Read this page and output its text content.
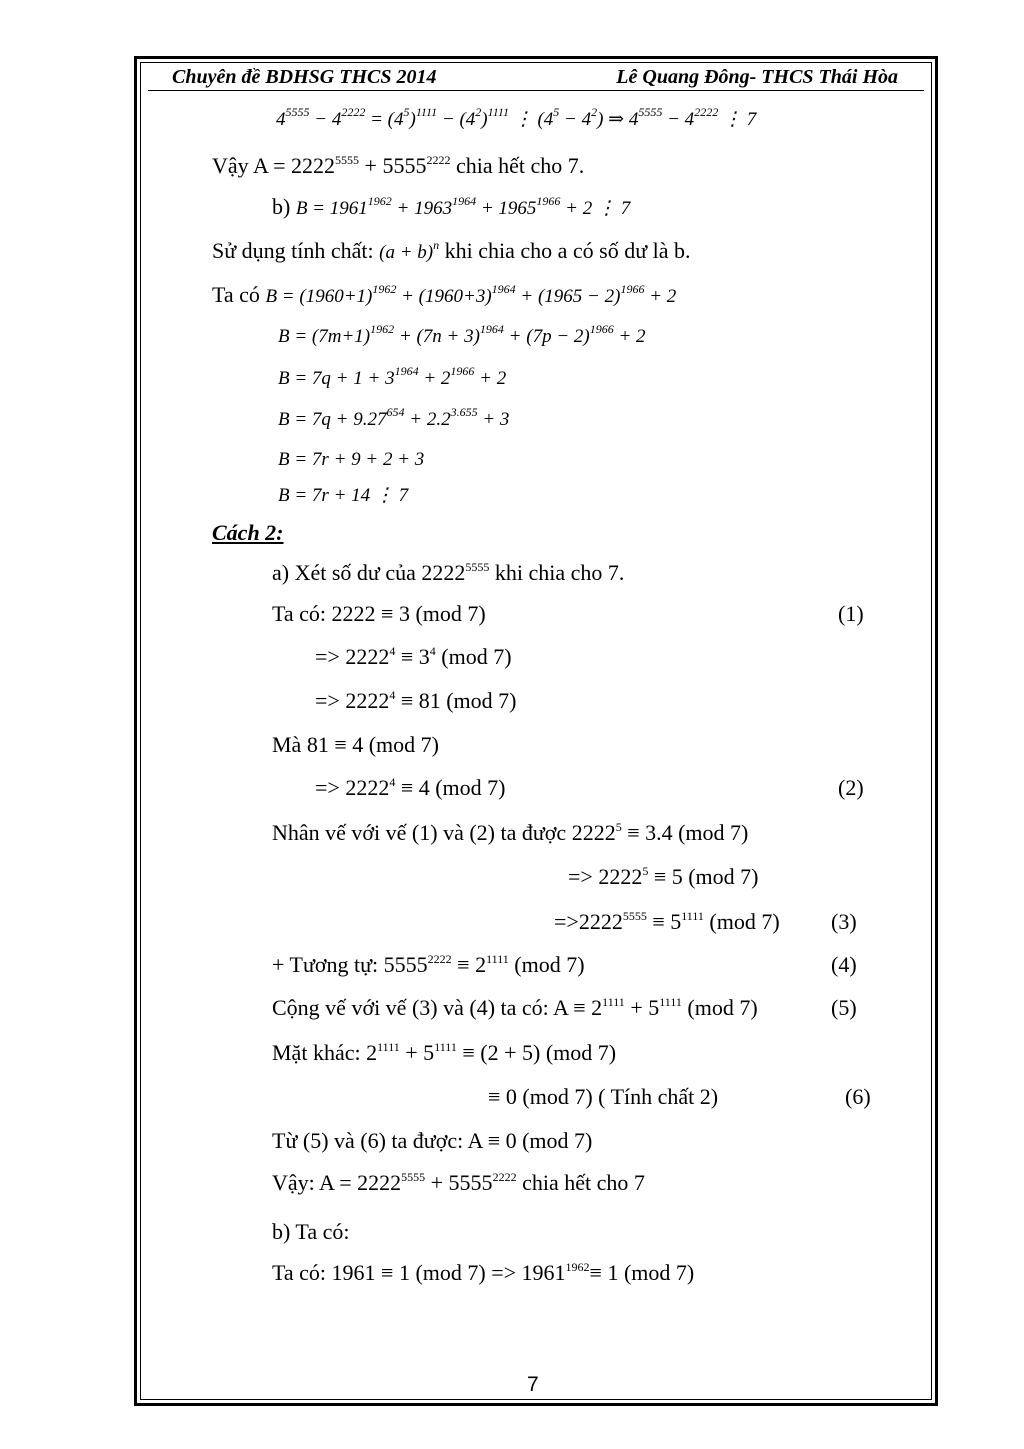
Chuyên đề BDHSG THCS 2014	Lê Quang Đông- THCS Thái Hòa
$4^{5555} - 4^{2222} = (4^5)^{1111} - (4^2)^{1111}$ ⋮ $(4^5 - 4^2)$ ⇒ $4^{5555} - 4^{2222}$ ⋮ 7
Vậy $A = 2222^{5555} + 5555^{2222}$ chia hết cho 7.
b) $B = 1961^{1962} + 1963^{1964} + 1965^{1966} + 2$ ⋮ 7
Sử dụng tính chất: $(a + b)^n$ khi chia cho a có số dư là b.
Ta có $B = (1960+1)^{1962} + (1960+3)^{1964} + (1965 - 2)^{1966} + 2$
$B = (7m+1)^{1962} + (7n + 3)^{1964} + (7p - 2)^{1966} + 2$
$B = 7q + 1 + 3^{1964} + 2^{1966} + 2$
$B = 7q + 9.27^{654} + 2.2^{3.655} + 3$
B = 7r + 9 + 2 + 3
B = 7r + 14 ⋮ 7
Cách 2:
a) Xét số dư của $2222^{5555}$ khi chia cho 7.
Ta có: 2222 ≡ 3 (mod 7)	(1)
=> $2222^4 \equiv 3^4$ (mod 7)
=> $2222^4 \equiv 81$ (mod 7)
Mà 81 ≡ 4 (mod 7)
=> $2222^4 \equiv 4$ (mod 7)	(2)
Nhân vế với vế (1) và (2) ta được $2222^5 \equiv 3.4$ (mod 7)
=> $2222^5 \equiv 5$ (mod 7)
$=>2222^{5555} \equiv 5^{1111}$ (mod 7) (3)
+ Tương tự: $5555^{2222} \equiv 2^{1111}$ (mod 7)	(4)
Cộng vế với vế (3) và (4) ta có: $A \equiv 2^{1111} + 5^{1111}$ (mod 7)	(5)
Mặt khác: $2^{1111} + 5^{1111} \equiv (2 + 5)$ (mod 7)
≡ 0 (mod 7) ( Tính chất 2)	(6)
Từ (5) và (6) ta được: A ≡ 0 (mod 7)
Vậy: $A = 2222^{5555} + 5555^{2222}$ chia hết cho 7
b) Ta có:
Ta có: 1961 ≡ 1 (mod $7) => 1961^{1962}\equiv 1$ (mod 7)
7
